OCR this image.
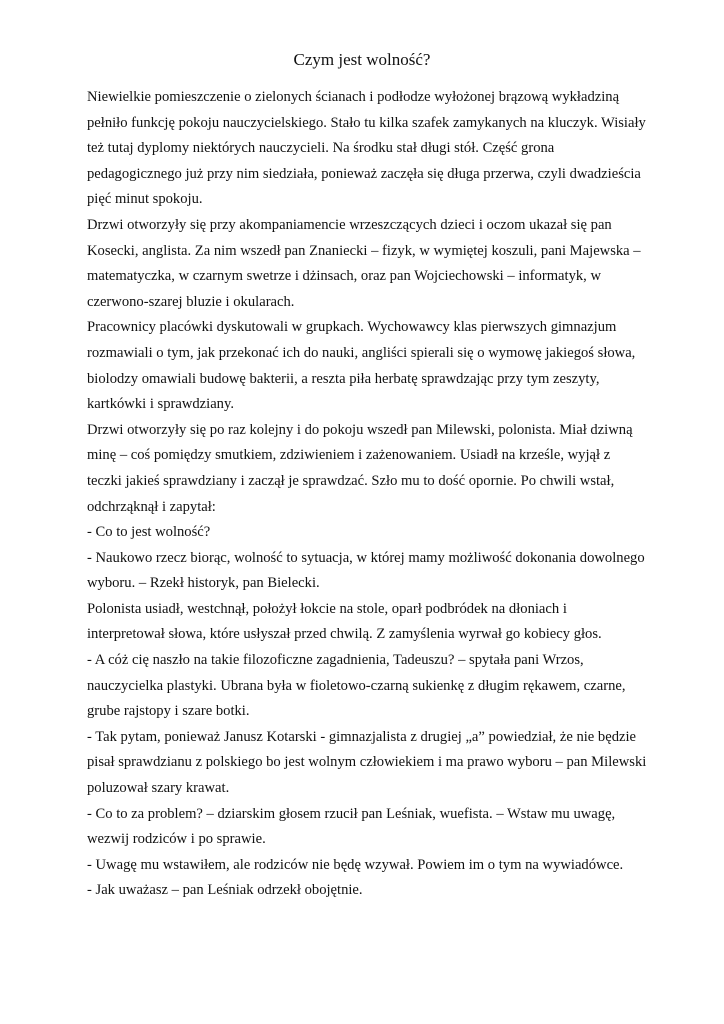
Czym jest wolność?

Niewielkie pomieszczenie o zielonych ścianach i podłodze wyłożonej brązową wykładziną pełniło funkcję pokoju nauczycielskiego. Stało tu kilka szafek zamykanych na kluczyk. Wisiały też tutaj dyplomy niektórych nauczycieli. Na środku stał długi stół. Część grona pedagogicznego już przy nim siedziała, ponieważ zaczęła się długa przerwa, czyli dwadzieścia pięć minut spokoju.

Drzwi otworzyły się przy akompaniamencie wrzeszczących dzieci i oczom ukazał się pan Kosecki, anglista. Za nim wszedł pan Znaniecki – fizyk, w wymiętej koszuli, pani Majewska – matematyczka, w czarnym swetrze i dżinsach, oraz pan Wojciechowski – informatyk, w czerwono-szarej bluzie i okularach.

Pracownicy placówki dyskutowali w grupkach. Wychowawcy klas pierwszych gimnazjum rozmawiali o tym, jak przekonać ich do nauki, angliści spierali się o wymowę jakiegoś słowa, biolodzy omawiali budowę bakterii, a reszta piła herbatę sprawdzając przy tym zeszyty, kartkówki i sprawdziany.

Drzwi otworzyły się po raz kolejny i do pokoju wszedł pan Milewski, polonista. Miał dziwną minę – coś pomiędzy smutkiem, zdziwieniem i zażenowaniem. Usiadł na krześle, wyjął z teczki jakieś sprawdziany i zaczął je sprawdzać. Szło mu to dość opornie. Po chwili wstał, odchrząknął i zapytał:

- Co to jest wolność?

- Naukowo rzecz biorąc, wolność to sytuacja, w której mamy możliwość dokonania dowolnego wyboru. – Rzekł historyk, pan Bielecki.

Polonista usiadł, westchnął, położył łokcie na stole, oparł podbródek na dłoniach i interpretował słowa, które usłyszał przed chwilą. Z zamyślenia wyrwał go kobiecy głos.

- A cóż cię naszło na takie filozoficzne zagadnienia, Tadeuszu? – spytała pani Wrzos, nauczycielka plastyki. Ubrana była w fioletowo-czarną sukienkę z długim rękawem, czarne, grube rajstopy i szare botki.

- Tak pytam, ponieważ Janusz Kotarski - gimnazjalista z drugiej „a” powiedział, że nie będzie pisał sprawdzianu z polskiego bo jest wolnym człowiekiem i ma prawo wyboru – pan Milewski poluzował szary krawat.

- Co to za problem? – dziarskim głosem rzucił pan Leśniak, wuefista. – Wstaw mu uwagę, wezwij rodziców i po sprawie.

- Uwagę mu wstawiłem, ale rodziców nie będę wzywał. Powiem im o tym na wywiadówce.

- Jak uważasz – pan Leśniak odrzekł obojętnie.
